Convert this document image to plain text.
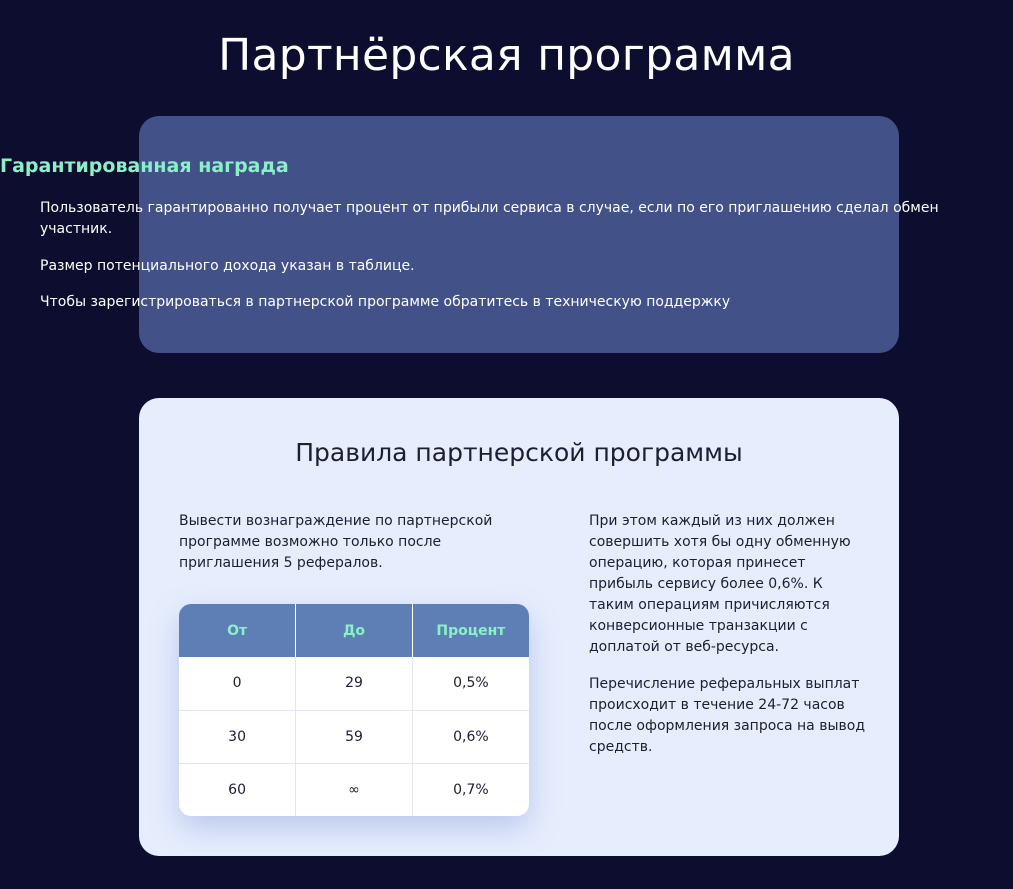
Партнёрская программа
Гарантированная награда

Пользователь гарантированно получает процент от прибыли сервиса в случае, если по его приглашению сделал обмен участник.

Размер потенциального дохода указан в таблице.

Чтобы зарегистрироваться в партнерской программе обратитесь в техническую поддержку

Правила партнерской программы

Вывести вознаграждение по партнерской программе возможно только после приглашения 5 рефералов.

От	До	Процент
0	29	0,5%
30	59	0,6%
60	∞	0,7%

При этом каждый из них должен совершить хотя бы одну обменную операцию, которая принесет прибыль сервису более 0,6%. К таким операциям причисляются конверсионные транзакции с доплатой от веб-ресурса.

Перечисление реферальных выплат происходит в течение 24-72 часов после оформления запроса на вывод средств.
